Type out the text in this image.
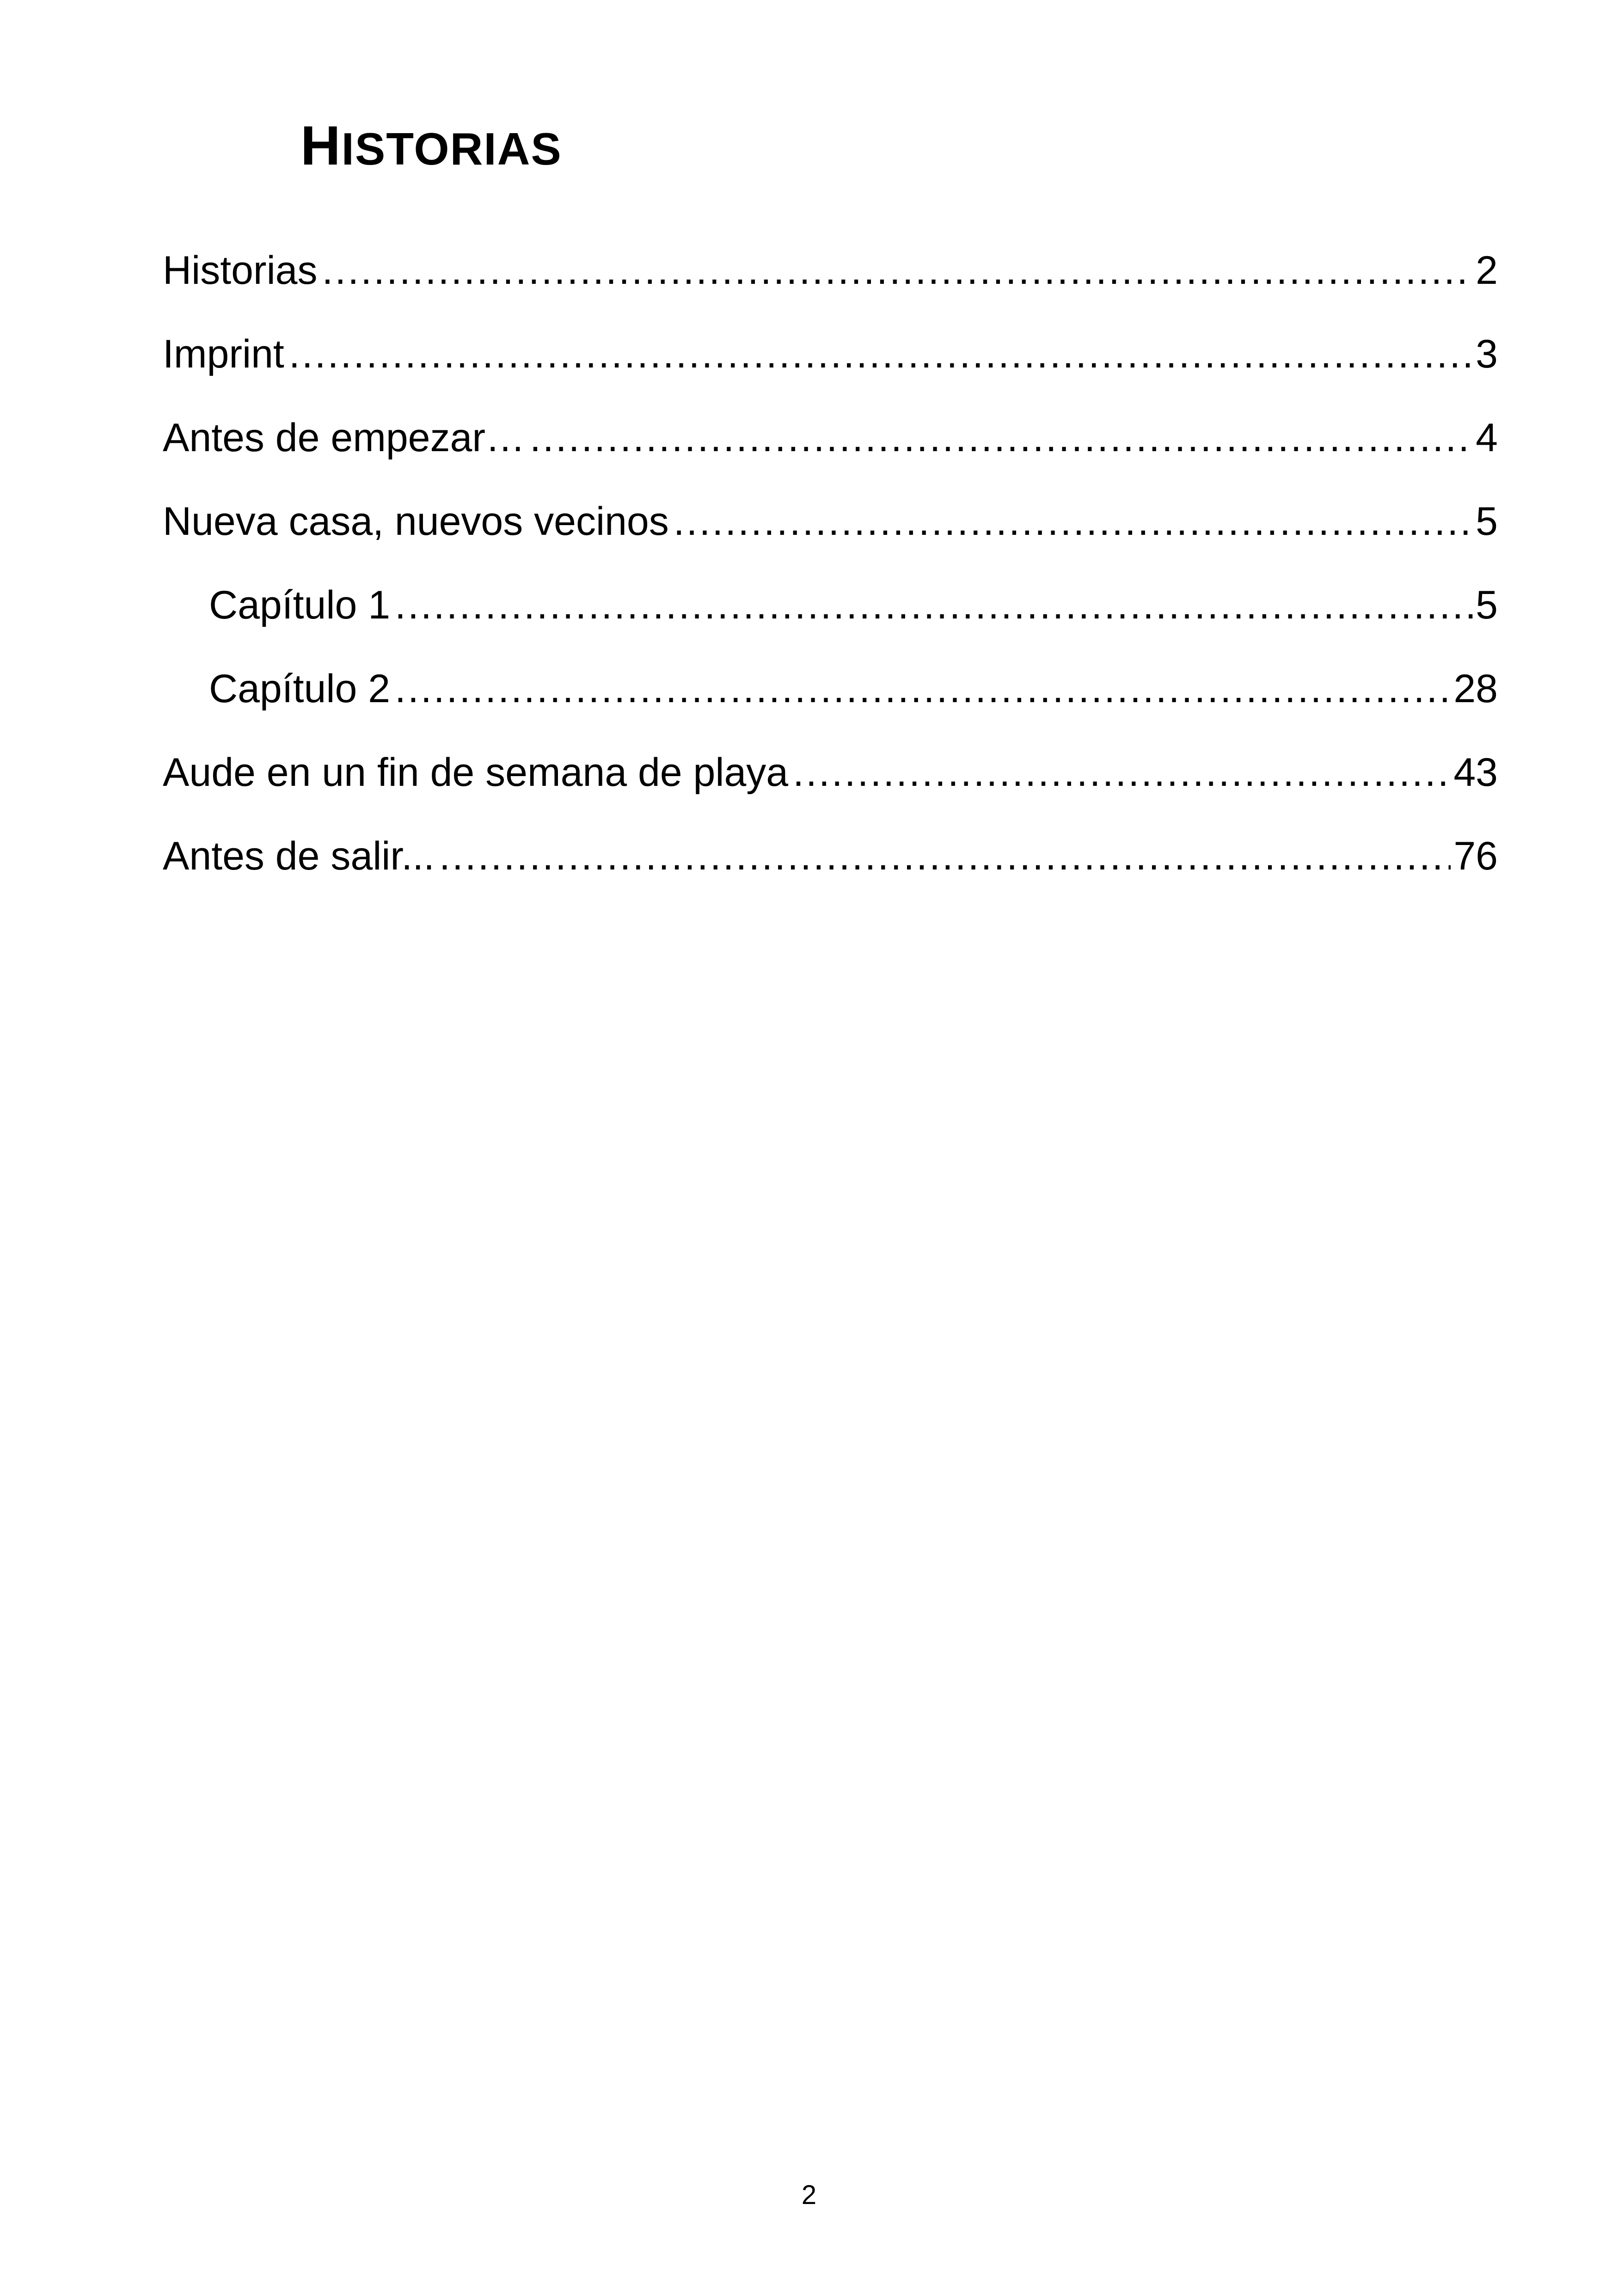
HISTORIAS
Historias .....	2
Imprint .....	3
Antes de empezar… .....	4
Nueva casa, nuevos vecinos .....	5
Capítulo 1 .....	5
Capítulo 2 .....	28
Aude en un fin de semana de playa .....	43
Antes de salir... .....	76
2
